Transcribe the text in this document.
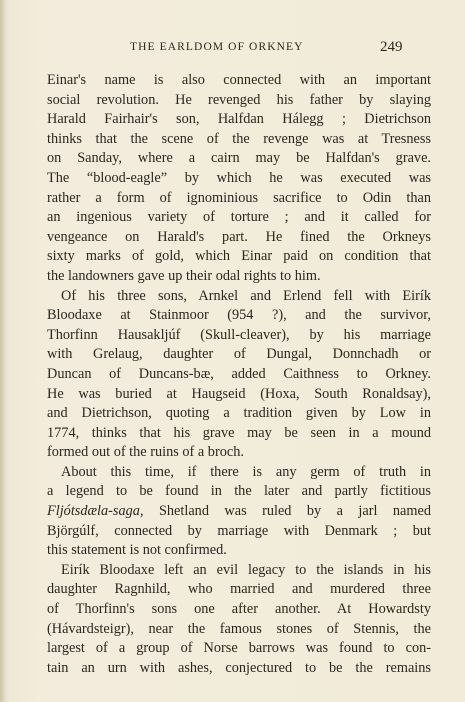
THE EARLDOM OF ORKNEY	249
Einar's name is also connected with an important
social revolution. He revenged his father by slaying
Harald Fairhair's son, Halfdan Hálegg ; Dietrichson
thinks that the scene of the revenge was at Tresness
on Sanday, where a cairn may be Halfdan's grave.
The “blood-eagle” by which he was executed was
rather a form of ignominious sacrifice to Odin than
an ingenious variety of torture ; and it called for
vengeance on Harald's part. He fined the Orkneys
sixty marks of gold, which Einar paid on condition that
the landowners gave up their odal rights to him.
Of his three sons, Arnkel and Erlend fell with Eirík
Bloodaxe at Stainmoor (954 ?), and the survivor,
Thorfinn Hausakljúf (Skull-cleaver), by his marriage
with Grelaug, daughter of Dungal, Donnchadh or
Duncan of Duncans-bæ, added Caithness to Orkney.
He was buried at Haugseid (Hoxa, South Ronaldsay),
and Dietrichson, quoting a tradition given by Low in
1774, thinks that his grave may be seen in a mound
formed out of the ruins of a broch.
About this time, if there is any germ of truth in
a legend to be found in the later and partly fictitious
Fljótsdæla-saga, Shetland was ruled by a jarl named
Björgúlf, connected by marriage with Denmark ; but
this statement is not confirmed.
Eirík Bloodaxe left an evil legacy to the islands in his
daughter Ragnhild, who married and murdered three
of Thorfinn's sons one after another. At Howardsty
(Hávardsteigr), near the famous stones of Stennis, the
largest of a group of Norse barrows was found to con-
tain an urn with ashes, conjectured to be the remains
